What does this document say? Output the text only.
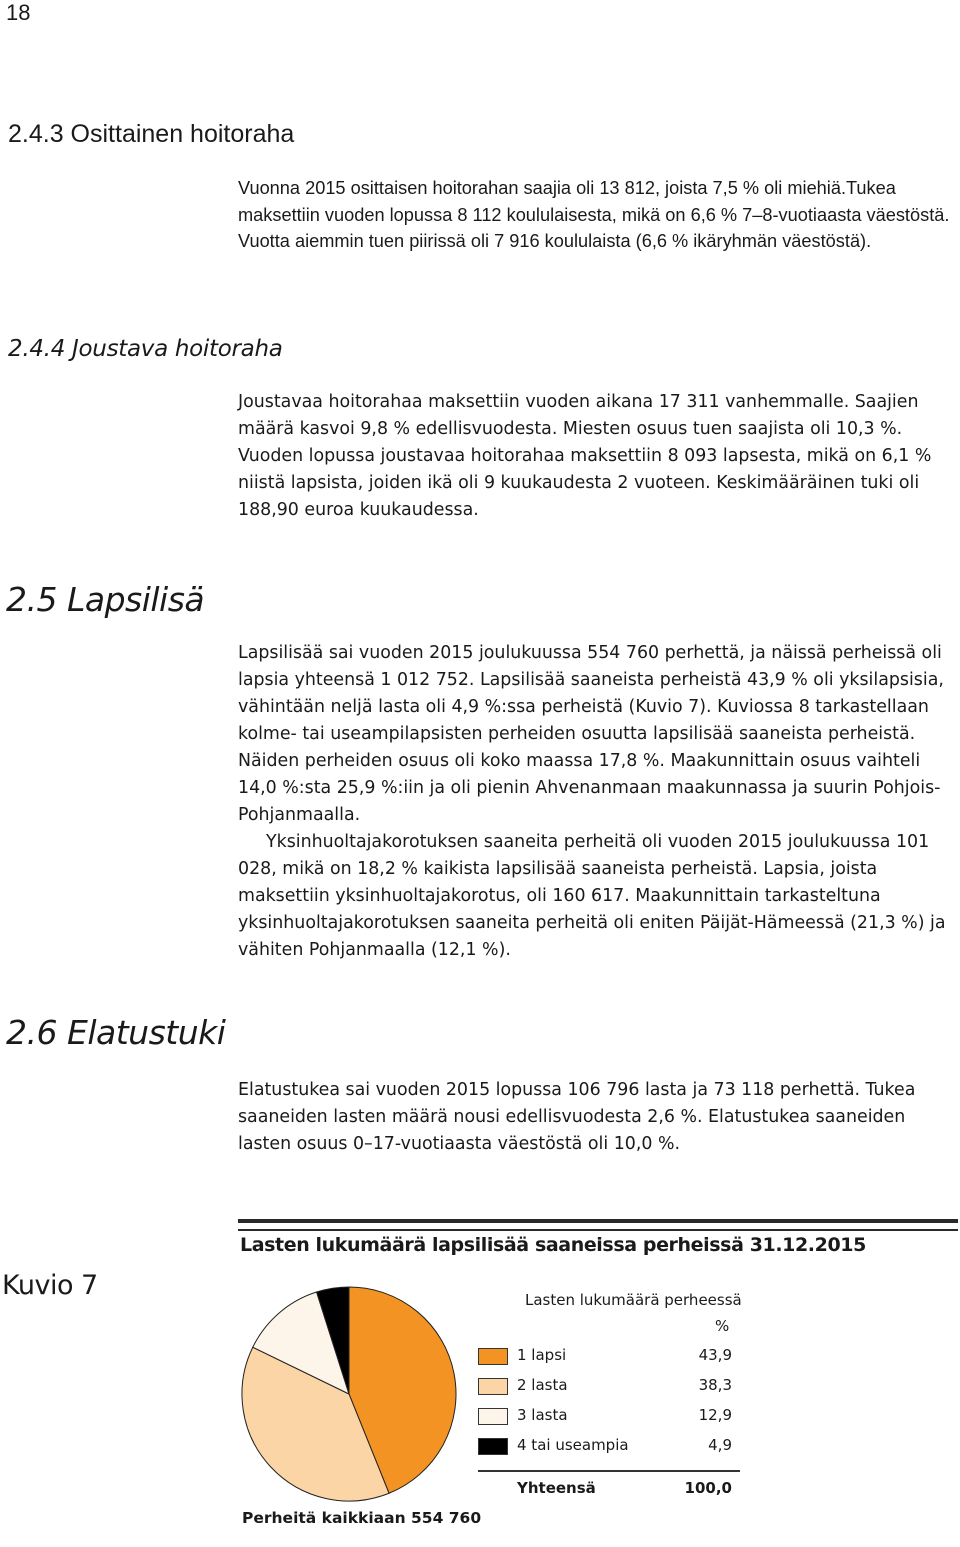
18
2.4.3 Osittainen hoitoraha

Vuonna 2015 osittaisen hoitorahan saajia oli 13 812, joista 7,5 % oli miehiä.Tukea maksettiin vuoden lopussa 8 112 koululaisesta, mikä on 6,6 % 7–8-vuotiaasta väestöstä. Vuotta aiemmin tuen piirissä oli 7 916 koululaista (6,6 % ikäryhmän väestöstä).

2.4.4 Joustava hoitoraha

Joustavaa hoitorahaa maksettiin vuoden aikana 17 311 vanhemmalle. Saajien määrä kasvoi 9,8 % edellisvuodesta. Miesten osuus tuen saajista oli 10,3 %. Vuoden lopussa joustavaa hoitorahaa maksettiin 8 093 lapsesta, mikä on 6,1 % niistä lapsista, joiden ikä oli 9 kuukaudesta 2 vuoteen. Keskimääräinen tuki oli 188,90 euroa kuukaudessa.

2.5 Lapsilisä

Lapsilisää sai vuoden 2015 joulukuussa 554 760 perhettä, ja näissä perheissä oli lapsia yhteensä 1 012 752. Lapsilisää saaneista perheistä 43,9 % oli yksilapsisia, vähintään neljä lasta oli 4,9 %:ssa perheistä (Kuvio 7). Kuviossa 8 tarkastellaan kolme- tai useampilapsisten perheiden osuutta lapsilisää saaneista perheistä. Näiden perheiden osuus oli koko maassa 17,8 %. Maakunnittain osuus vaihteli 14,0 %:sta 25,9 %:iin ja oli pienin Ahvenanmaan maakunnassa ja suurin Pohjois-Pohjanmaalla.

Yksinhuoltajakorotuksen saaneita perheitä oli vuoden 2015 joulukuussa 101 028, mikä on 18,2 % kaikista lapsilisää saaneista perheistä. Lapsia, joista maksettiin yksinhuoltajakorotus, oli 160 617. Maakunnittain tarkasteltuna yksinhuoltajakorotuksen saaneita perheitä oli eniten Päijät-Hämeessä (21,3 %) ja vähiten Pohjanmaalla (12,1 %).

2.6 Elatustuki

Elatustukea sai vuoden 2015 lopussa 106 796 lasta ja 73 118 perhettä. Tukea saaneiden lasten määrä nousi edellisvuodesta 2,6 %. Elatustukea saaneiden lasten osuus 0–17-vuotiaasta väestöstä oli 10,0 %.

Kuvio 7
Lasten lukumäärä lapsilisää saaneissa perheissä 31.12.2015
Lasten lukumäärä perheessä
%
1 lapsi	43,9
2 lasta	38,3
3 lasta	12,9
4 tai useampia	4,9
Yhteensä	100,0
Perheitä kaikkiaan 554 760
